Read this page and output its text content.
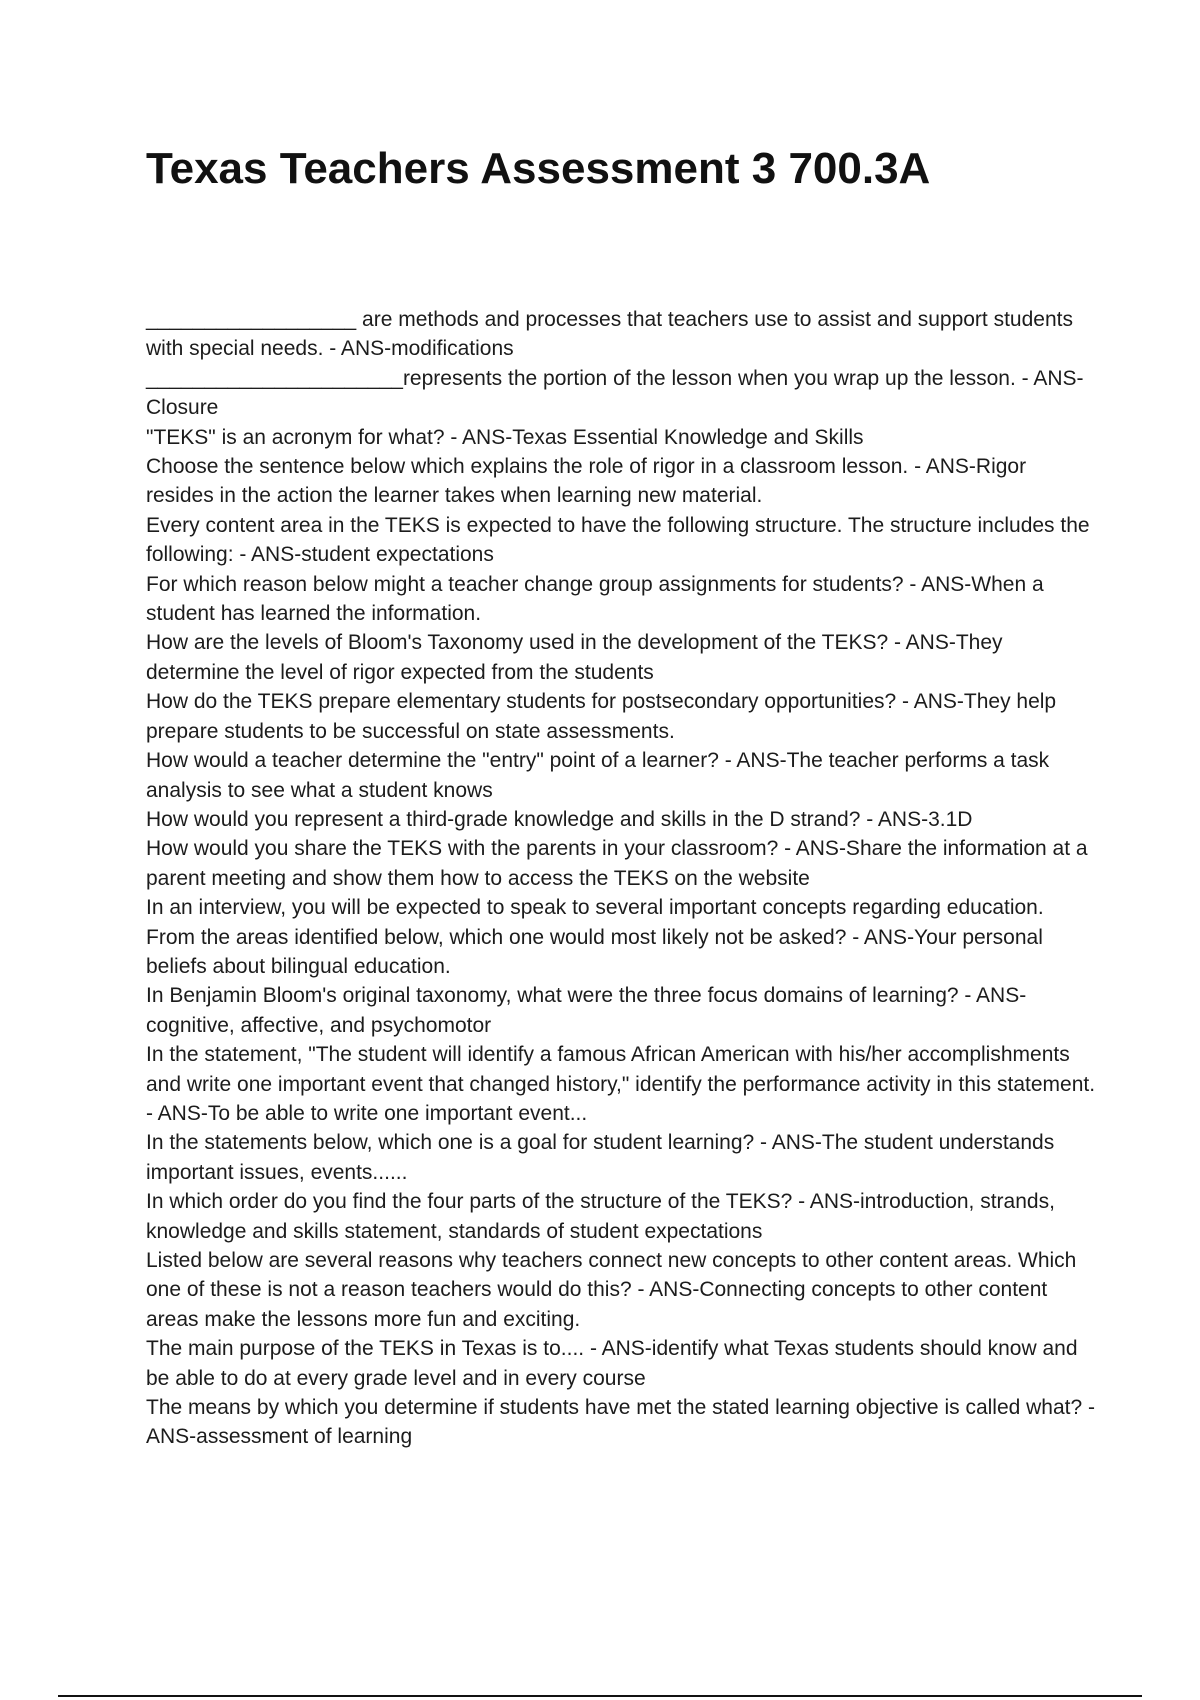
Texas Teachers Assessment 3 700.3A
__________________ are methods and processes that teachers use to assist and support students with special needs. - ANS-modifications
______________________represents the portion of the lesson when you wrap up the lesson. - ANS-Closure
"TEKS" is an acronym for what? - ANS-Texas Essential Knowledge and Skills
Choose the sentence below which explains the role of rigor in a classroom lesson. - ANS-Rigor resides in the action the learner takes when learning new material.
Every content area in the TEKS is expected to have the following structure. The structure includes the following: - ANS-student expectations
For which reason below might a teacher change group assignments for students? - ANS-When a student has learned the information.
How are the levels of Bloom's Taxonomy used in the development of the TEKS? - ANS-They determine the level of rigor expected from the students
How do the TEKS prepare elementary students for postsecondary opportunities? - ANS-They help prepare students to be successful on state assessments.
How would a teacher determine the "entry" point of a learner? - ANS-The teacher performs a task analysis to see what a student knows
How would you represent a third-grade knowledge and skills in the D strand? - ANS-3.1D
How would you share the TEKS with the parents in your classroom? - ANS-Share the information at a parent meeting and show them how to access the TEKS on the website
In an interview, you will be expected to speak to several important concepts regarding education. From the areas identified below, which one would most likely not be asked? - ANS-Your personal beliefs about bilingual education.
In Benjamin Bloom's original taxonomy, what were the three focus domains of learning? - ANS-cognitive, affective, and psychomotor
In the statement, "The student will identify a famous African American with his/her accomplishments and write one important event that changed history," identify the performance activity in this statement. - ANS-To be able to write one important event...
In the statements below, which one is a goal for student learning? - ANS-The student understands important issues, events......
In which order do you find the four parts of the structure of the TEKS? - ANS-introduction, strands, knowledge and skills statement, standards of student expectations
Listed below are several reasons why teachers connect new concepts to other content areas. Which one of these is not a reason teachers would do this? - ANS-Connecting concepts to other content areas make the lessons more fun and exciting.
The main purpose of the TEKS in Texas is to.... - ANS-identify what Texas students should know and be able to do at every grade level and in every course
The means by which you determine if students have met the stated learning objective is called what? - ANS-assessment of learning
